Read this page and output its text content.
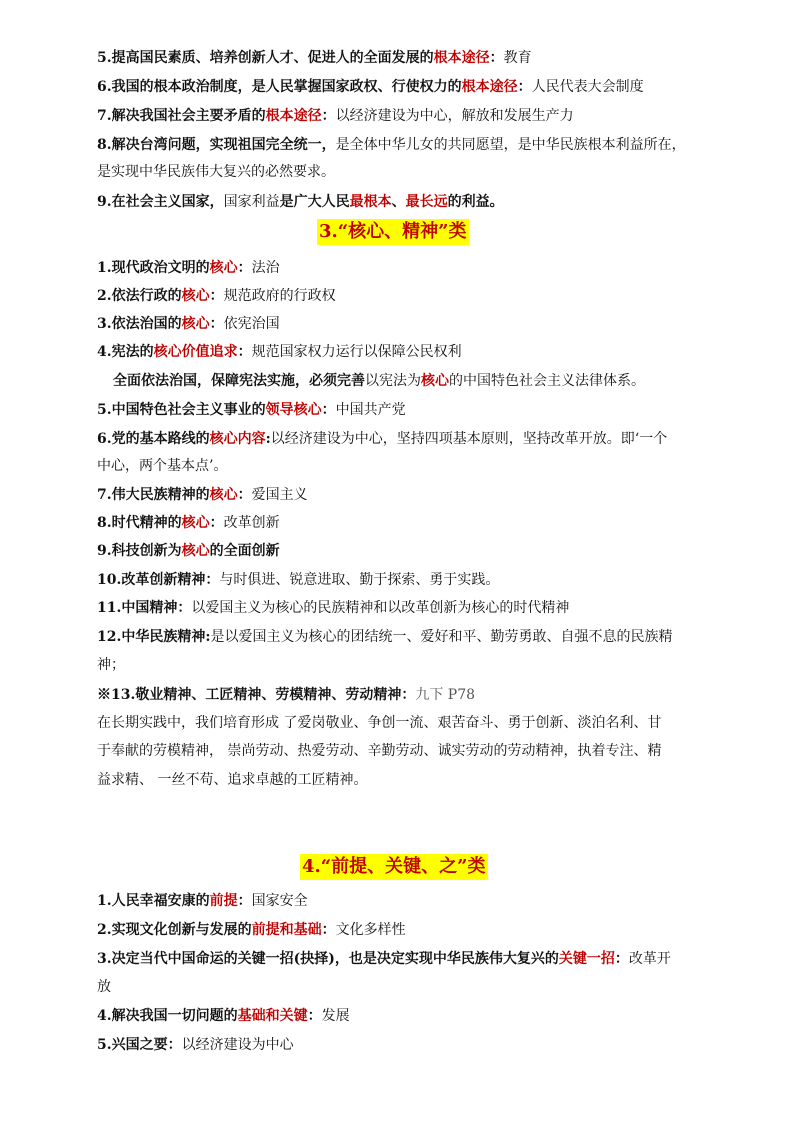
5.提高国民素质、培养创新人才、促进人的全面发展的根本途径：教育
6.我国的根本政治制度，是人民掌握国家政权、行使权力的根本途径：人民代表大会制度
7.解决我国社会主要矛盾的根本途径：以经济建设为中心，解放和发展生产力
8.解决台湾问题，实现祖国完全统一，是全体中华儿女的共同愿望，是中华民族根本利益所在，
是实现中华民族伟大复兴的必然要求。
9.在社会主义国家，国家利益是广大人民最根本、最长远的利益。
3.“核心、精神”类
1.现代政治文明的核心：法治
2.依法行政的核心：规范政府的行政权
3.依法治国的核心：依宪治国
4.宪法的核心价值追求：规范国家权力运行以保障公民权利
全面依法治国，保障宪法实施，必须完善以宪法为核心的中国特色社会主义法律体系。
5.中国特色社会主义事业的领导核心：中国共产党
6.党的基本路线的核心内容:以经济建设为中心，坚持四项基本原则，坚持改革开放。即‘一个
中心，两个基本点’。
7.伟大民族精神的核心：爱国主义
8.时代精神的核心：改革创新
9.科技创新为核心的全面创新
10.改革创新精神：与时俱进、锐意进取、勤于探索、勇于实践。
11.中国精神：以爱国主义为核心的民族精神和以改革创新为核心的时代精神
12.中华民族精神:是以爱国主义为核心的团结统一、爱好和平、勤劳勇敢、自强不息的民族精
神；
※13.敬业精神、工匠精神、劳模精神、劳动精神：九下 P78
在长期实践中，我们培育形成 了爱岗敬业、争创一流、艰苦奋斗、勇于创新、淡泊名利、甘
于奉献的劳模精神， 崇尚劳动、热爱劳动、辛勤劳动、诚实劳动的劳动精神，执着专注、精
益求精、 一丝不苟、追求卓越的工匠精神。
4.“前提、关键、之”类
1.人民幸福安康的前提：国家安全
2.实现文化创新与发展的前提和基础：文化多样性
3.决定当代中国命运的关键一招(抉择)，也是决定实现中华民族伟大复兴的关键一招：改革开
放
4.解决我国一切问题的基础和关键：发展
5.兴国之要：以经济建设为中心
